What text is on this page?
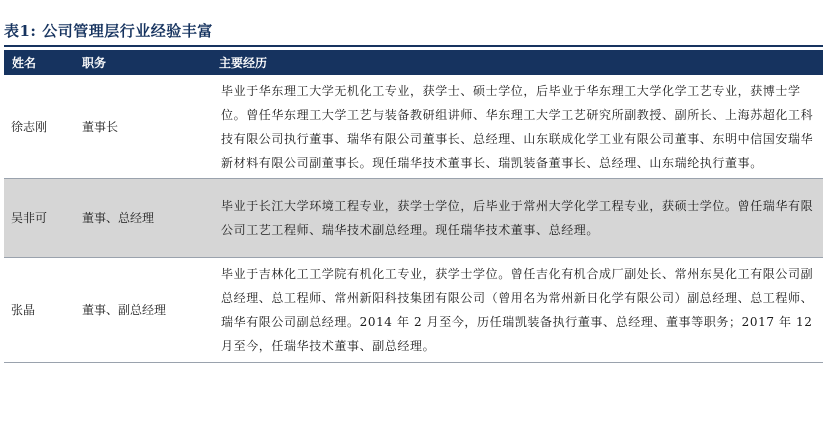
表1: 公司管理层行业经验丰富
姓名	职务	主要经历
徐志刚	董事长	毕业于华东理工大学无机化工专业，获学士、硕士学位，后毕业于华东理工大学化学工艺专业，获博士学位。曾任华东理工大学工艺与装备教研组讲师、华东理工大学工艺研究所副教授、副所长、上海苏超化工科技有限公司执行董事、瑞华有限公司董事长、总经理、山东联成化学工业有限公司董事、东明中信国安瑞华新材料有限公司副董事长。现任瑞华技术董事长、瑞凯装备董事长、总经理、山东瑞纶执行董事。
吴非可	董事、总经理	毕业于长江大学环境工程专业，获学士学位，后毕业于常州大学化学工程专业，获硕士学位。曾任瑞华有限公司工艺工程师、瑞华技术副总经理。现任瑞华技术董事、总经理。
张晶	董事、副总经理	毕业于吉林化工工学院有机化工专业，获学士学位。曾任吉化有机合成厂副处长、常州东昊化工有限公司副总经理、总工程师、常州新阳科技集团有限公司（曾用名为常州新日化学有限公司）副总经理、总工程师、瑞华有限公司副总经理。2014 年 2 月至今，历任瑞凯装备执行董事、总经理、董事等职务；2017 年 12 月至今，任瑞华技术董事、副总经理。
